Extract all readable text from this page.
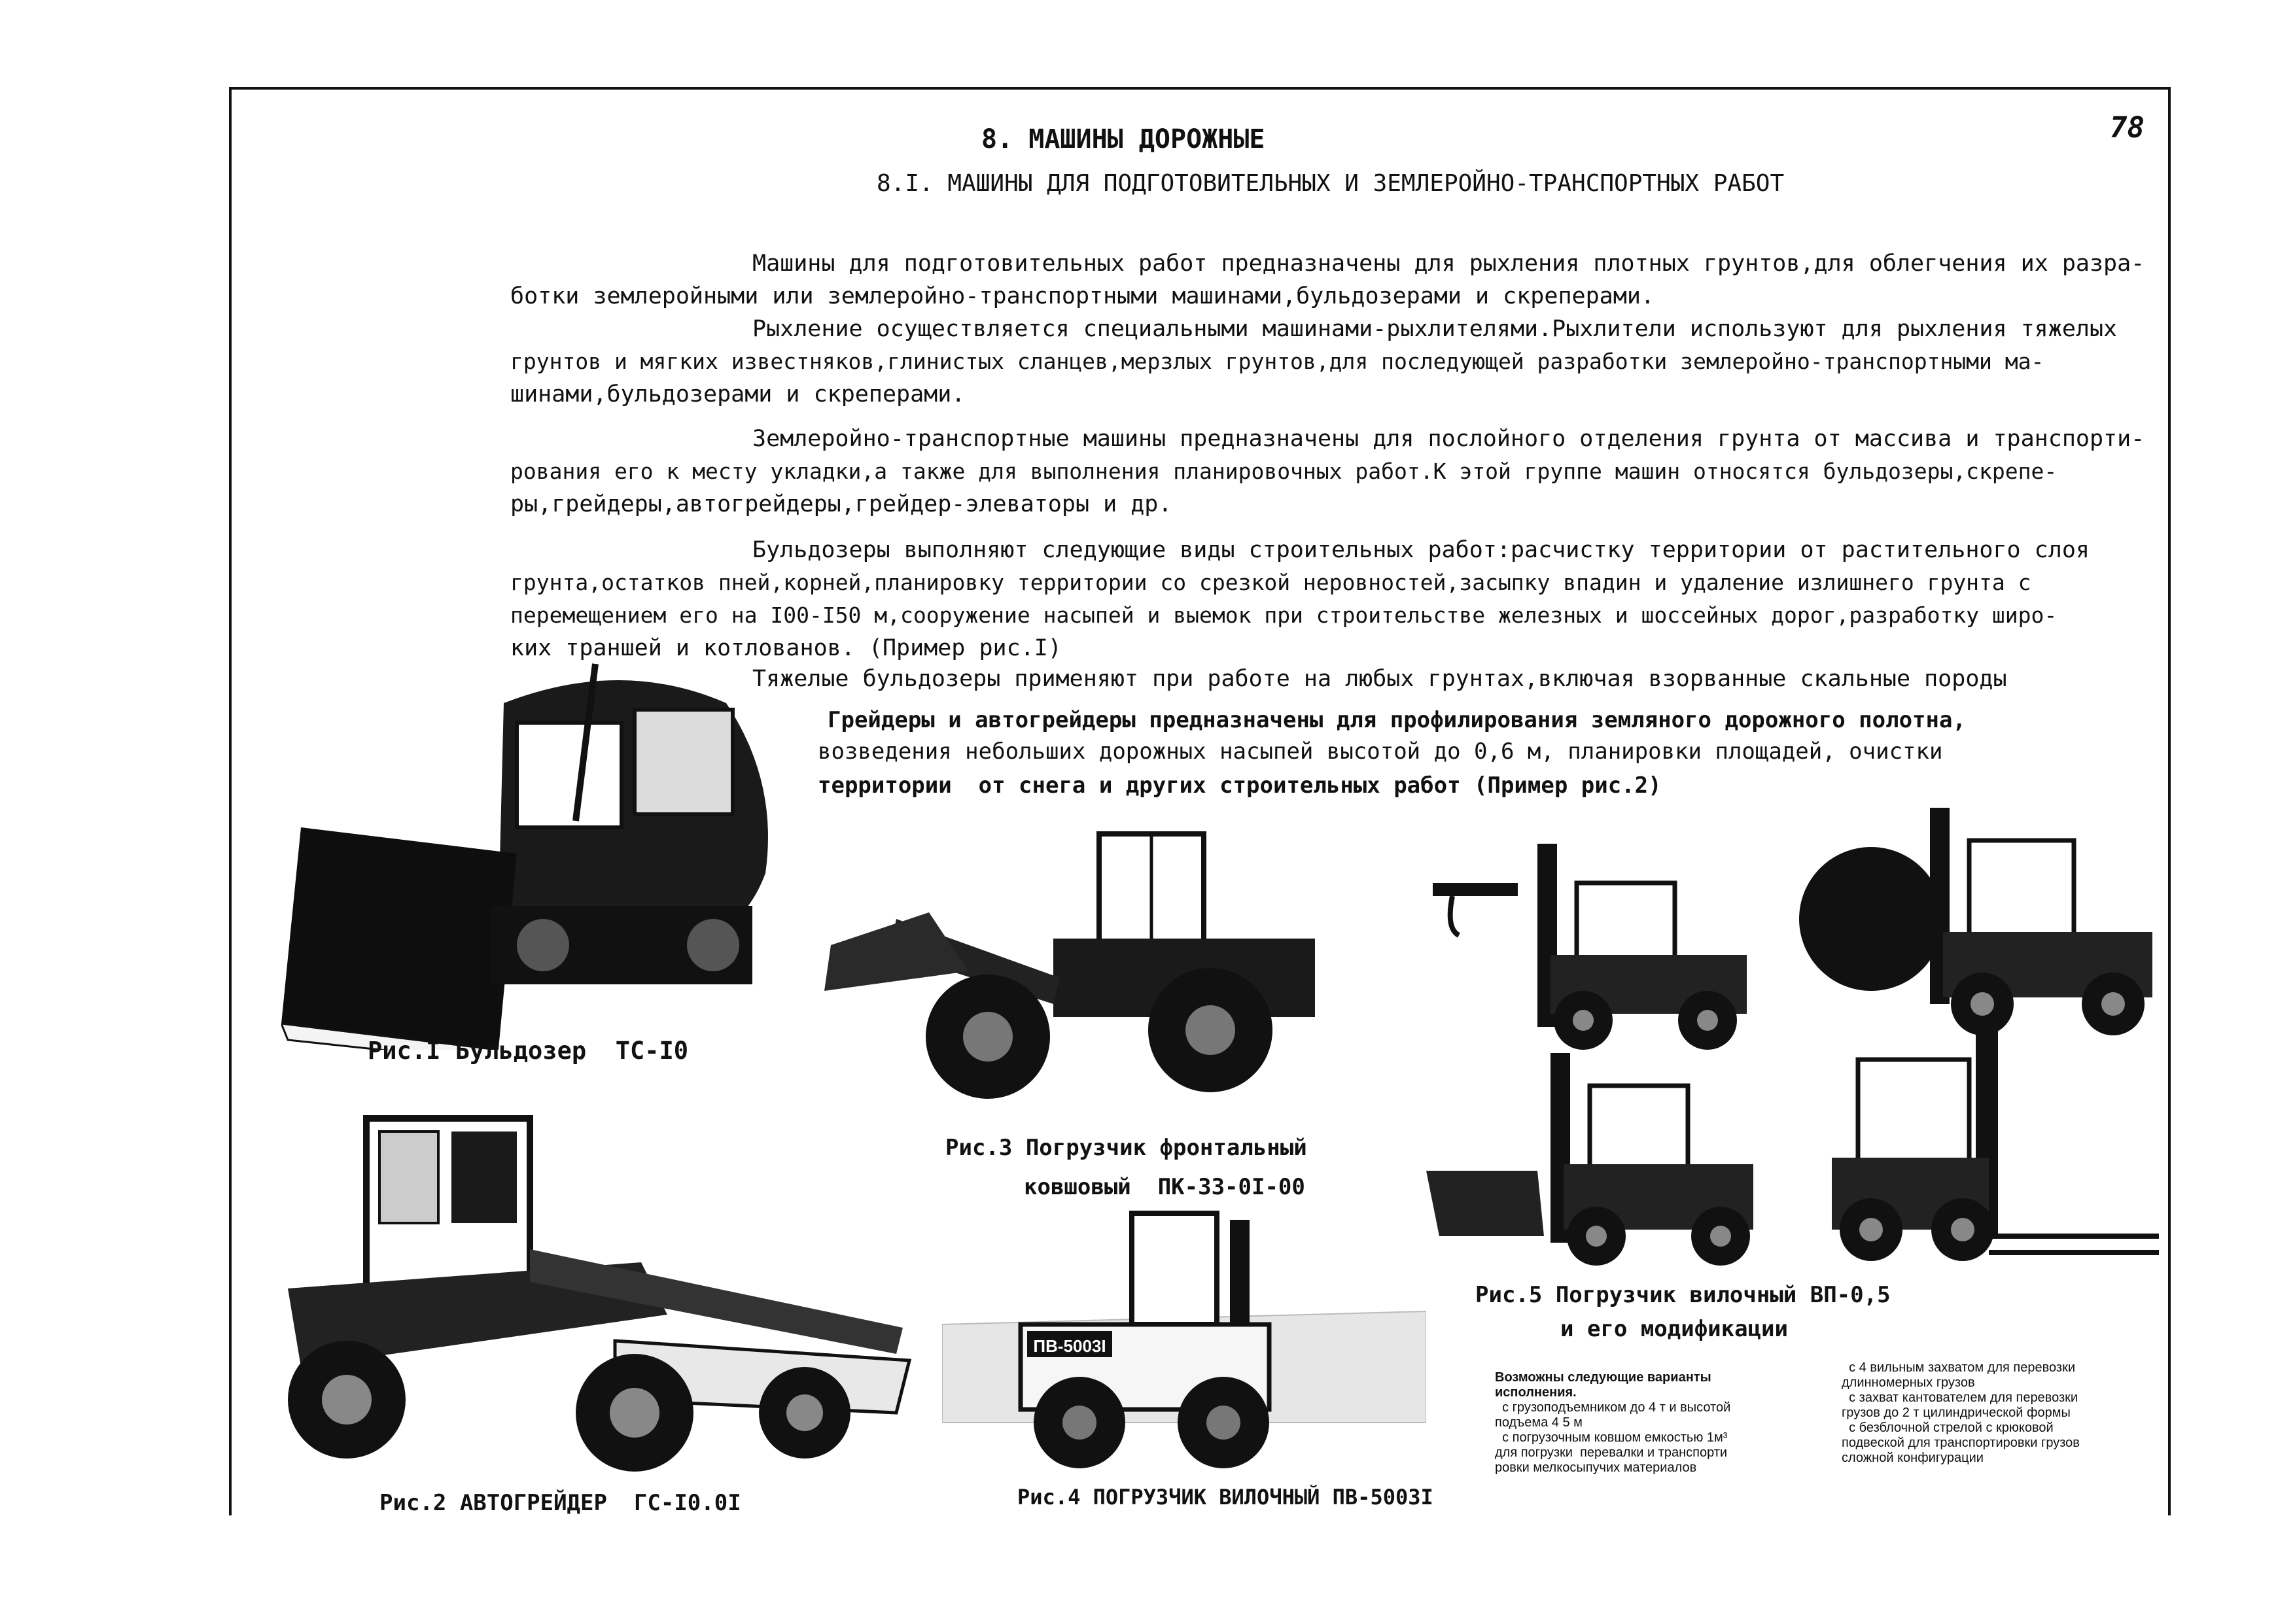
78
8. МАШИНЫ ДОРОЖНЫЕ
8.I. МАШИНЫ ДЛЯ ПОДГОТОВИТЕЛЬНЫХ И ЗЕМЛЕРОЙНО-ТРАНСПОРТНЫХ РАБОТ
Машины для подготовительных работ предназначены для рыхления плотных грунтов,для облегчения их разра-
ботки землеройными или землеройно-транспортными машинами,бульдозерами и скреперами.
Рыхление осуществляется специальными машинами-рыхлителями.Рыхлители используют для рыхления тяжелых
грунтов и мягких известняков,глинистых сланцев,мерзлых грунтов,для последующей разработки землеройно-транспортными ма-
шинами,бульдозерами и скреперами.
Землеройно-транспортные машины предназначены для послойного отделения грунта от массива и транспорти-
рования его к месту укладки,а также для выполнения планировочных работ.К этой группе машин относятся бульдозеры,скрепе-
ры,грейдеры,автогрейдеры,грейдер-элеваторы и др.
Бульдозеры выполняют следующие виды строительных работ:расчистку территории от растительного слоя
грунта,остатков пней,корней,планировку территории со срезкой неровностей,засыпку впадин и удаление излишнего грунта с
перемещением его на I00-I50 м,сооружение насыпей и выемок при строительстве железных и шоссейных дорог,разработку широ-
ких траншей и котлованов. (Пример рис.I)
Тяжелые бульдозеры применяют при работе на любых грунтах,включая взорванные скальные породы
Грейдеры и автогрейдеры предназначены для профилирования земляного дорожного полотна,
возведения небольших дорожных насыпей высотой до 0,6 м, планировки площадей, очистки
территории  от снега и других строительных работ (Пример рис.2)
Рис.I Бульдозер  ТС-I0
Рис.2 АВТОГРЕЙДЕР  ГС-I0.0I
Рис.3 Погрузчик фронтальный
ковшовый  ПК-33-0I-00
ПВ-5003I
Рис.4 ПОГРУЗЧИК ВИЛОЧНЫЙ ПВ-5003I
Рис.5 Погрузчик вилочный ВП-0,5
и его модификации
Возможны следующие варианты
исполнения.
с грузоподъемником до 4 т и высотой
подъема 4 5 м
с погрузочным ковшом емкостью 1м³
для погрузки  перевалки и транспорти
ровки мелкосыпучих материалов
с 4 вильным захватом для перевозки
длинномерных грузов
с захват кантователем для перевозки
грузов до 2 т цилиндрической формы
с безблочной стрелой с крюковой
подвеской для транспортировки грузов
сложной конфигурации
